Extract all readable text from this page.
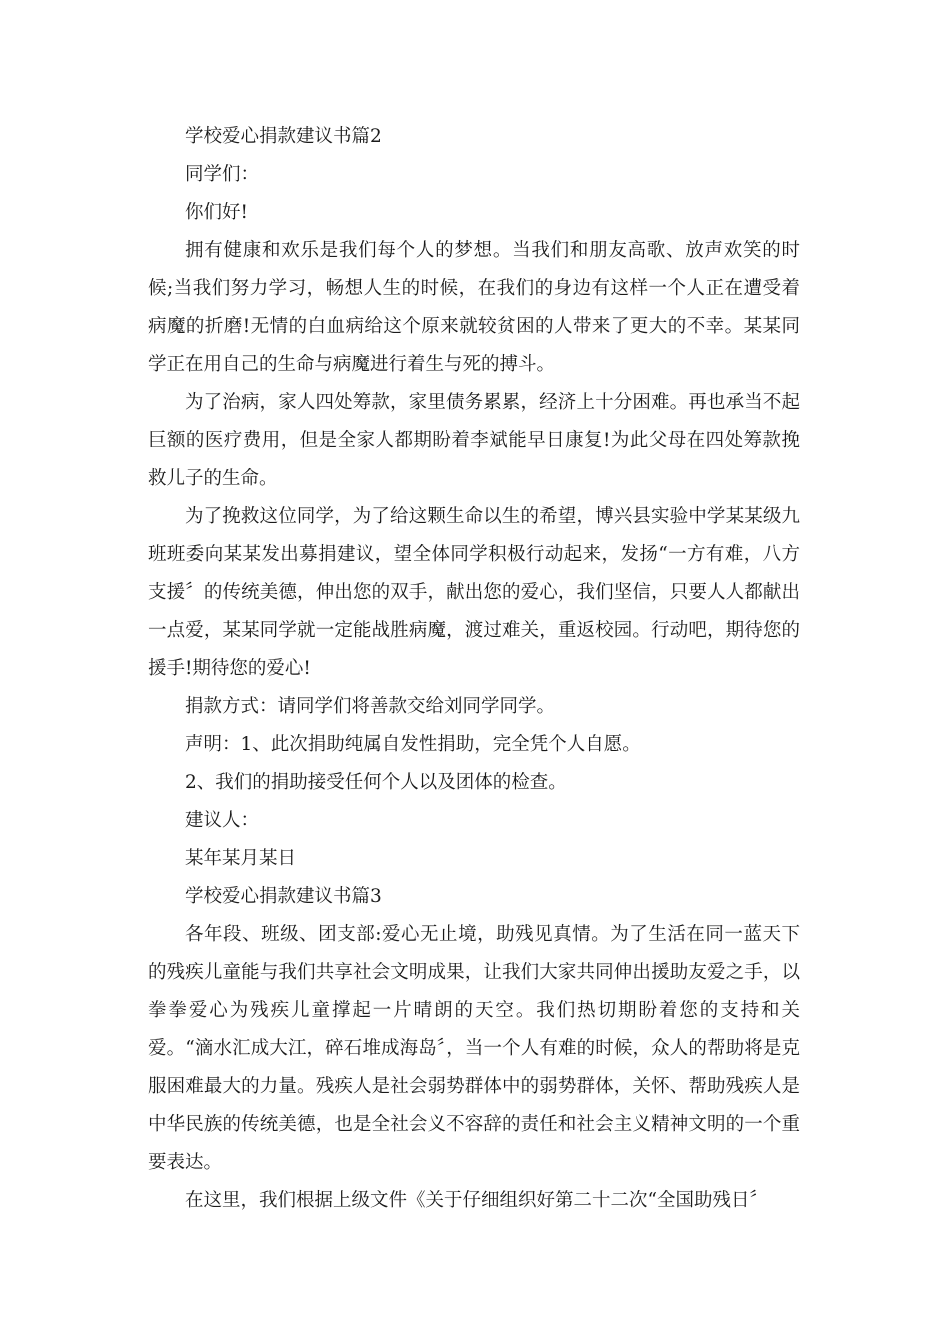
学校爱心捐款建议书篇2

同学们：

你们好!

拥有健康和欢乐是我们每个人的梦想。当我们和朋友高歌、放声欢笑的时候;当我们努力学习，畅想人生的时候，在我们的身边有这样一个人正在遭受着病魔的折磨!无情的白血病给这个原来就较贫困的人带来了更大的不幸。某某同学正在用自己的生命与病魔进行着生与死的搏斗。

为了治病，家人四处筹款，家里债务累累，经济上十分困难。再也承当不起巨额的医疗费用，但是全家人都期盼着李斌能早日康复!为此父母在四处筹款挽救儿子的生命。

为了挽救这位同学，为了给这颗生命以生的希望，博兴县实验中学某某级九班班委向某某发出募捐建议，望全体同学积极行动起来，发扬“一方有难，八方支援〞的传统美德，伸出您的双手，献出您的爱心，我们坚信，只要人人都献出一点爱，某某同学就一定能战胜病魔，渡过难关，重返校园。行动吧，期待您的援手!期待您的爱心!

捐款方式：请同学们将善款交给刘同学同学。

声明：1、此次捐助纯属自发性捐助，完全凭个人自愿。

2、我们的捐助接受任何个人以及团体的检查。

建议人：

某年某月某日

学校爱心捐款建议书篇3

各年段、班级、团支部:爱心无止境，助残见真情。为了生活在同一蓝天下的残疾儿童能与我们共享社会文明成果，让我们大家共同伸出援助友爱之手，以拳拳爱心为残疾儿童撑起一片晴朗的天空。我们热切期盼着您的支持和关爱。“滴水汇成大江，碎石堆成海岛〞，当一个人有难的时候，众人的帮助将是克服困难最大的力量。残疾人是社会弱势群体中的弱势群体，关怀、帮助残疾人是中华民族的传统美德，也是全社会义不容辞的责任和社会主义精神文明的一个重要表达。

在这里，我们根据上级文件《关于仔细组织好第二十二次“全国助残日〞
